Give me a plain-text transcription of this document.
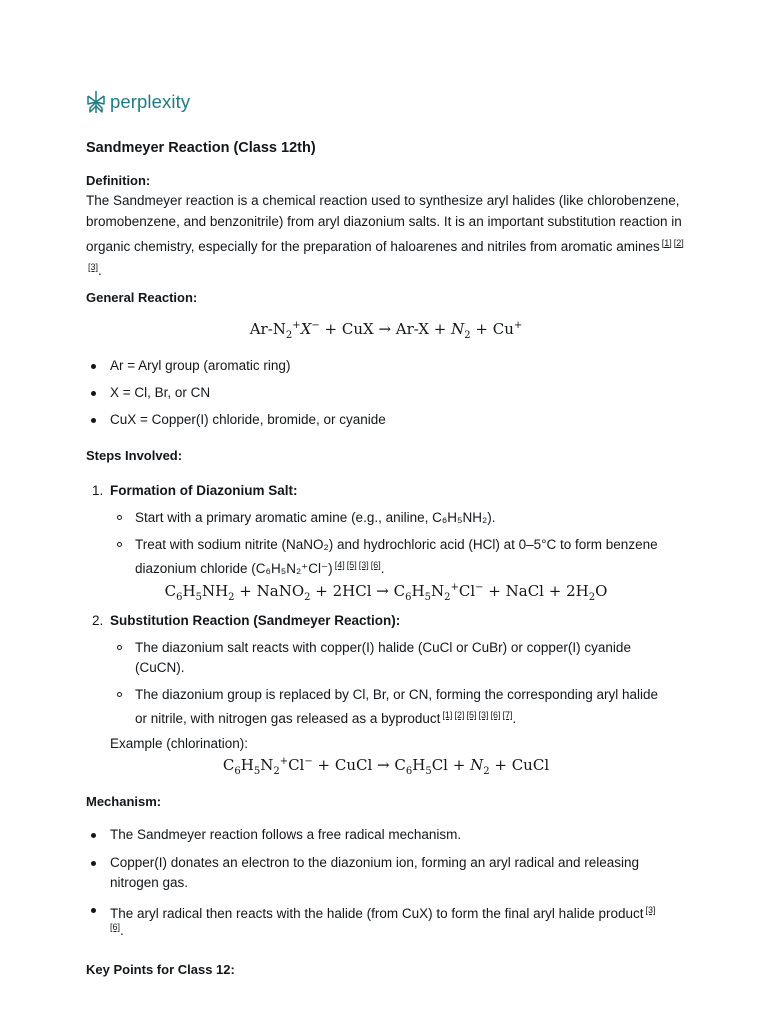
perplexity
Sandmeyer Reaction (Class 12th)
Definition:
The Sandmeyer reaction is a chemical reaction used to synthesize aryl halides (like chlorobenzene, bromobenzene, and benzonitrile) from aryl diazonium salts. It is an important substitution reaction in organic chemistry, especially for the preparation of haloarenes and nitriles from aromatic amines [1] [2][3].
General Reaction:
$Ar-N_2^+X^-$ + CuX → $Ar-X + N_2 + Cu^+$
Ar = Aryl group (aromatic ring)
X = Cl, Br, or CN
CuX = Copper(I) chloride, bromide, or cyanide
Steps Involved:
1. Formation of Diazonium Salt:
Start with a primary aromatic amine (e.g., aniline, C₆H₅NH₂).
Treat with sodium nitrite (NaNO₂) and hydrochloric acid (HCl) at 0–5°C to form benzene
diazonium chloride (C₆H₅N₂⁺Cl⁻) [4] [5] [3] [6].
$C_6H_5NH_2$ + NaNO$_2$ + $2HCl \to C_6H_5N_2^+Cl^-$ + NaCl + $2H_2O$
2. Substitution Reaction (Sandmeyer Reaction):
The diazonium salt reacts with copper(I) halide (CuCl or CuBr) or copper(I) cyanide
(CuCN).
The diazonium group is replaced by Cl, Br, or CN, forming the corresponding aryl halide
or nitrile, with nitrogen gas released as a byproduct [1] [2] [5] [3] [6] [7].
Example (chlorination):
$C_6H_5N_2^+Cl^-$ + CuCl → $C_6H_5Cl + N_2$ + CuCl
Mechanism:
The Sandmeyer reaction follows a free radical mechanism.
Copper(I) donates an electron to the diazonium ion, forming an aryl radical and releasing
nitrogen gas.
The aryl radical then reacts with the halide (from CuX) to form the final aryl halide product [3]
[6].
Key Points for Class 12:
